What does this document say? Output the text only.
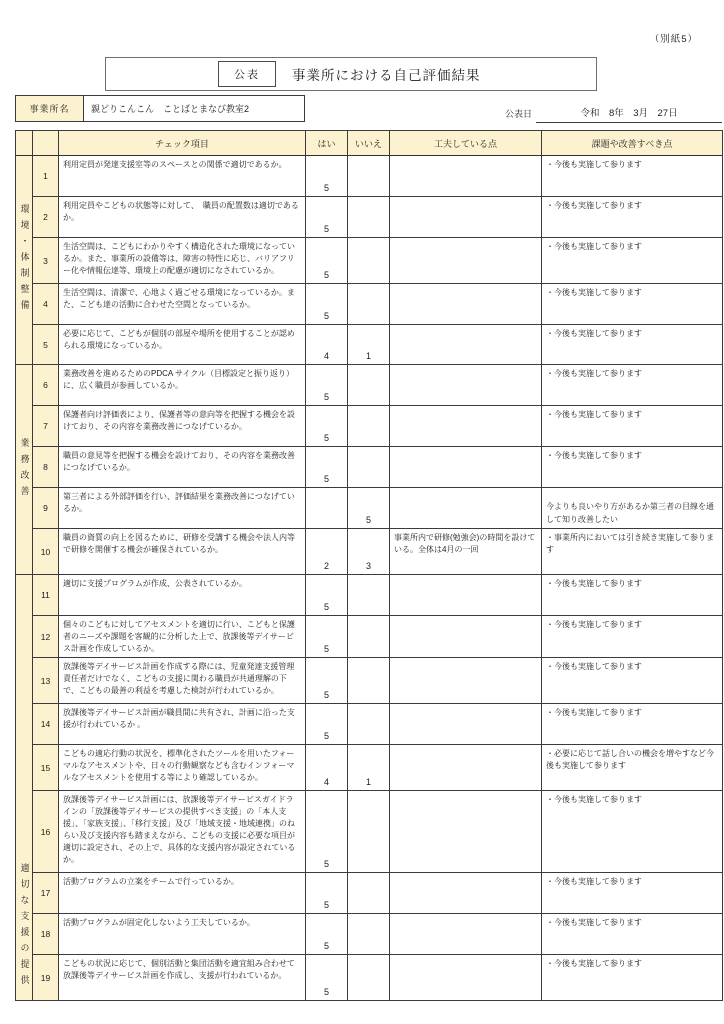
（別紙5）
公表	事業所における自己評価結果
事業所名	親どりこんこん　ことばとまなび教室2	公表日	令和　8年　3月　27日
		チェック項目	はい	いいえ	工夫している点	課題や改善すべき点

環境・体制整備	1	利用定員が発達支援室等のスペースとの関係で適切であるか。	5			・今後も実施して参ります
	2	利用定員やこどもの状態等に対して、　職員の配置数は適切であるか。	5			・今後も実施して参ります
	3	生活空間は、こどもにわかりやすく構造化された環境になっているか。また、事業所の設備等は、障害の特性に応じ、バリアフリー化や情報伝達等、環境上の配慮が適切になされているか。	5			・今後も実施して参ります
	4	生活空間は、清潔で、心地よく過ごせる環境になっているか。また、こども達の活動に合わせた空間となっているか。	5			・今後も実施して参ります
	5	必要に応じて、こどもが個別の部屋や場所を使用することが認められる環境になっているか。	4	1		・今後も実施して参ります

業務改善	6	業務改善を進めるためのPDCA サイクル（目標設定と振り返り）に、広く職員が参画しているか。	5			・今後も実施して参ります
	7	保護者向け評価表により、保護者等の意向等を把握する機会を設けており、その内容を業務改善につなげているか。	5			・今後も実施して参ります
	8	職員の意見等を把握する機会を設けており、その内容を業務改善につなげているか。	5			・今後も実施して参ります
	9	第三者による外部評価を行い、評価結果を業務改善につなげているか。		5		今よりも良いやり方があるか第三者の目線を通して知り改善したい
	10	職員の資質の向上を図るために、研修を受講する機会や法人内等で研修を開催する機会が確保されているか。	2	3	事業所内で研修(勉強会)の時間を設けている。全体は4月の一回	・事業所内においては引き続き実施して参ります

適切な支援の提供	11	適切に支援プログラムが作成、公表されているか。	5			・今後も実施して参ります
	12	個々のこどもに対してアセスメントを適切に行い、こどもと保護者のニーズや課題を客観的に分析した上で、放課後等デイサービス計画を作成しているか。	5			・今後も実施して参ります
	13	放課後等デイサービス計画を作成する際には、児童発達支援管理責任者だけでなく、こどもの支援に関わる職員が共通理解の下で、こどもの最善の利益を考慮した検討が行われているか。	5			・今後も実施して参ります
	14	放課後等デイサービス計画が職員間に共有され、計画に沿った支援が行われているか 。	5			・今後も実施して参ります
	15	こどもの適応行動の状況を、標準化されたツールを用いたフォーマルなアセスメントや、日々の行動観察なども含むインフォーマルなアセスメントを使用する等により確認しているか。	4	1		・必要に応じて話し合いの機会を増やすなど今後も実施して参ります
	16	放課後等デイサービス計画には、放課後等デイサービスガイドラインの「放課後等デイサービスの提供すべき支援」の「本人支援」、「家族支援」、「移行支援」及び「地域支援・地域連携」のねらい及び支援内容も踏まえながら、こどもの支援に必要な項目が適切に設定され、その上で、具体的な支援内容が設定されているか。	5			・今後も実施して参ります
	17	活動プログラムの立案をチームで行っているか。	5			・今後も実施して参ります
	18	活動プログラムが固定化しないよう工夫しているか。	5			・今後も実施して参ります
	19	こどもの状況に応じて、個別活動と集団活動を適宜組み合わせて放課後等デイサービス計画を作成し、支援が行われているか。	5			・今後も実施して参ります
